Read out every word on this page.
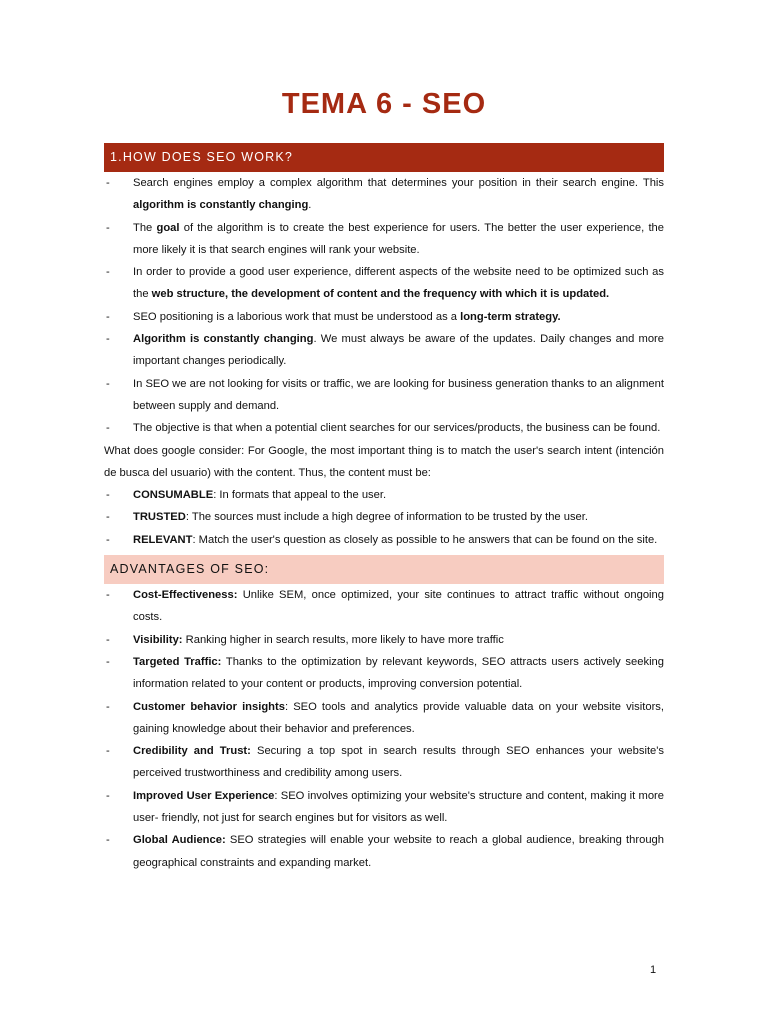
TEMA 6 - SEO
1.HOW DOES SEO WORK?
- Search engines employ a complex algorithm that determines your position in their search engine. This algorithm is constantly changing.
- The goal of the algorithm is to create the best experience for users. The better the user experience, the more likely it is that search engines will rank your website.
- In order to provide a good user experience, different aspects of the website need to be optimized such as the web structure, the development of content and the frequency with which it is updated.
- SEO positioning is a laborious work that must be understood as a long-term strategy.
- Algorithm is constantly changing. We must always be aware of the updates. Daily changes and more important changes periodically.
- In SEO we are not looking for visits or traffic, we are looking for business generation thanks to an alignment between supply and demand.
- The objective is that when a potential client searches for our services/products, the business can be found.
What does google consider: For Google, the most important thing is to match the user's search intent (intención de busca del usuario) with the content. Thus, the content must be:
- CONSUMABLE: In formats that appeal to the user.
- TRUSTED: The sources must include a high degree of information to be trusted by the user.
- RELEVANT: Match the user's question as closely as possible to he answers that can be found on the site.
ADVANTAGES OF SEO:
- Cost-Effectiveness: Unlike SEM, once optimized, your site continues to attract traffic without ongoing costs.
- Visibility: Ranking higher in search results, more likely to have more traffic
- Targeted Traffic: Thanks to the optimization by relevant keywords, SEO attracts users actively seeking information related to your content or products, improving conversion potential.
- Customer behavior insights: SEO tools and analytics provide valuable data on your website visitors, gaining knowledge about their behavior and preferences.
- Credibility and Trust: Securing a top spot in search results through SEO enhances your website's perceived trustworthiness and credibility among users.
- Improved User Experience: SEO involves optimizing your website's structure and content, making it more user- friendly, not just for search engines but for visitors as well.
- Global Audience: SEO strategies will enable your website to reach a global audience, breaking through geographical constraints and expanding market.
1
